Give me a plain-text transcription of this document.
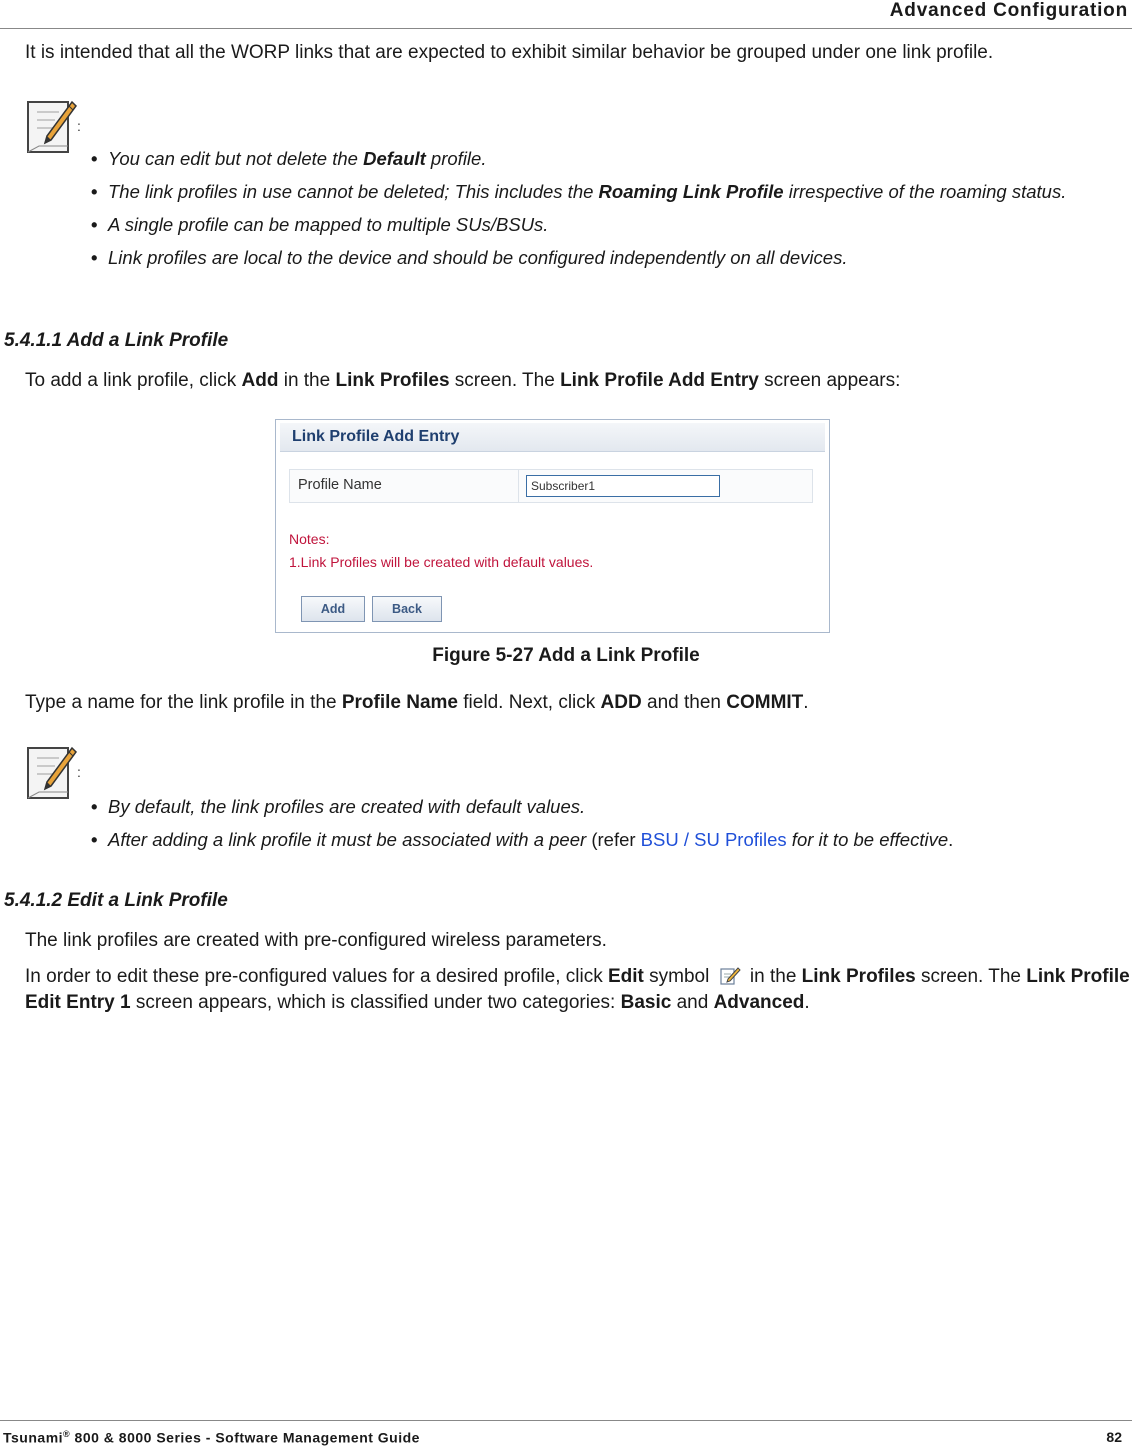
Advanced Configuration
It is intended that all the WORP links that are expected to exhibit similar behavior be grouped under one link profile.
:
• You can edit but not delete the Default profile.
• The link profiles in use cannot be deleted; This includes the Roaming Link Profile irrespective of the roaming status.
• A single profile can be mapped to multiple SUs/BSUs.
• Link profiles are local to the device and should be configured independently on all devices.
5.4.1.1 Add a Link Profile
To add a link profile, click Add in the Link Profiles screen. The Link Profile Add Entry screen appears:
Link Profile Add Entry
Profile Name	Subscriber1
Notes:
1.Link Profiles will be created with default values.
Add	Back
Figure 5-27 Add a Link Profile
Type a name for the link profile in the Profile Name field. Next, click ADD and then COMMIT.
:
• By default, the link profiles are created with default values.
• After adding a link profile it must be associated with a peer (refer BSU / SU Profiles for it to be effective.
5.4.1.2 Edit a Link Profile
The link profiles are created with pre-configured wireless parameters.
In order to edit these pre-configured values for a desired profile, click Edit symbol  in the Link Profiles screen. The Link Profile Edit Entry 1 screen appears, which is classified under two categories: Basic and Advanced.
Tsunami® 800 & 8000 Series - Software Management Guide	82
